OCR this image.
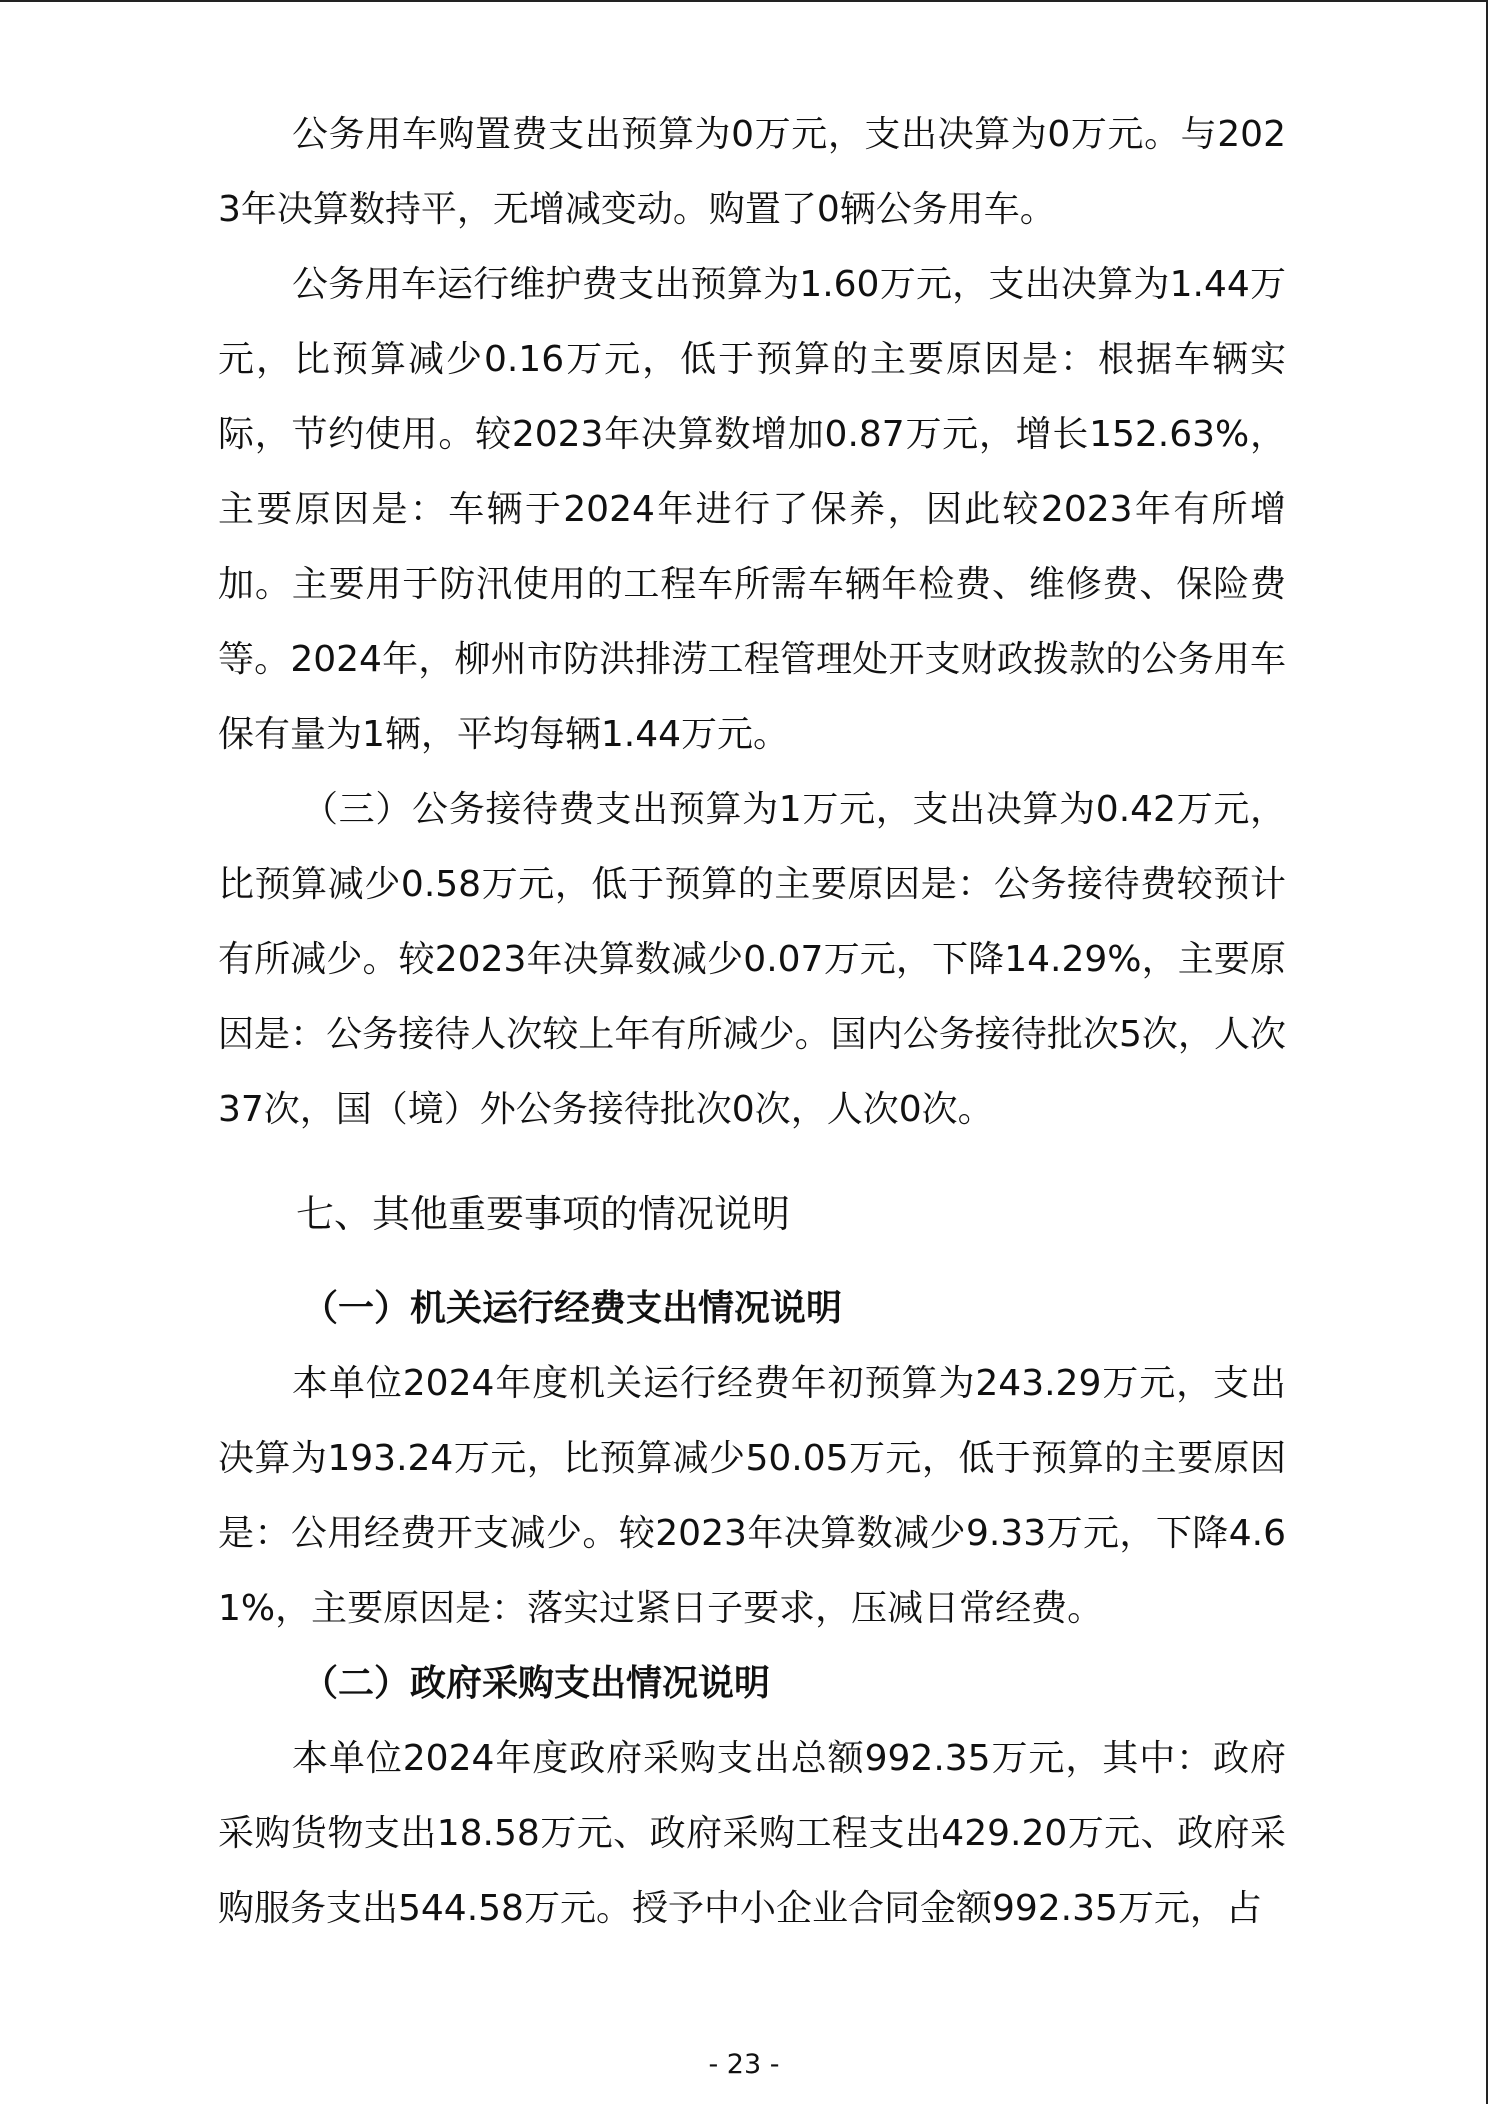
公务用车购置费支出预算为0万元，支出决算为0万元。与2023年决算数持平，无增减变动。购置了0辆公务用车。

公务用车运行维护费支出预算为1.60万元，支出决算为1.44万元，比预算减少0.16万元，低于预算的主要原因是：根据车辆实际，节约使用。较2023年决算数增加0.87万元，增长152.63%，主要原因是：车辆于2024年进行了保养，因此较2023年有所增加。主要用于防汛使用的工程车所需车辆年检费、维修费、保险费等。2024年，柳州市防洪排涝工程管理处开支财政拨款的公务用车保有量为1辆，平均每辆1.44万元。

（三）公务接待费支出预算为1万元，支出决算为0.42万元，比预算减少0.58万元，低于预算的主要原因是：公务接待费较预计有所减少。较2023年决算数减少0.07万元，下降14.29%，主要原因是：公务接待人次较上年有所减少。国内公务接待批次5次，人次37次，国（境）外公务接待批次0次，人次0次。

七、其他重要事项的情况说明
（一）机关运行经费支出情况说明

本单位2024年度机关运行经费年初预算为243.29万元，支出决算为193.24万元，比预算减少50.05万元，低于预算的主要原因是：公用经费开支减少。较2023年决算数减少9.33万元，下降4.61%，主要原因是：落实过紧日子要求，压减日常经费。

（二）政府采购支出情况说明

本单位2024年度政府采购支出总额992.35万元，其中：政府采购货物支出18.58万元、政府采购工程支出429.20万元、政府采购服务支出544.58万元。授予中小企业合同金额992.35万元，占

- 23 -
